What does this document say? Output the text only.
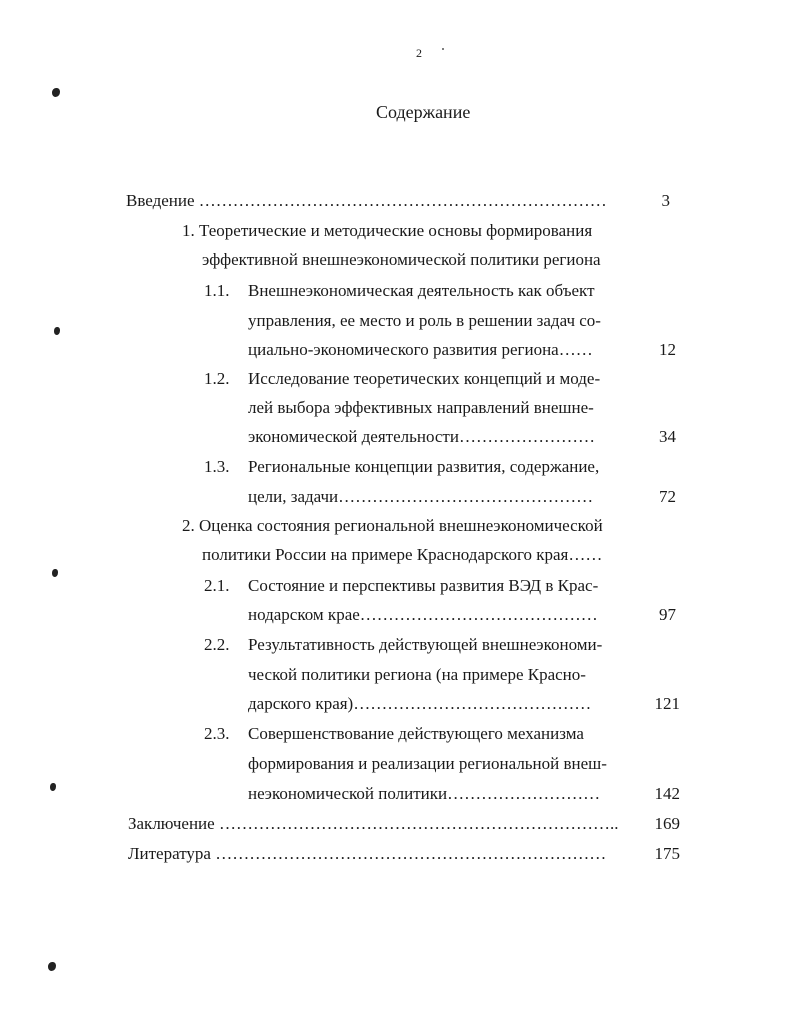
2
Содержание
Введение ………………………………………………………………	3
1. Теоретические и методические основы формирования
эффективной внешнеэкономической политики региона
1.1. Внешнеэкономическая деятельность как объект
управления, ее место и роль в решении задач со-
циально-экономического развития региона……	12
1.2. Исследование теоретических концепций и моде-
лей выбора эффективных направлений внешне-
экономической деятельности……………………	34
1.3. Региональные концепции развития, содержание,
цели, задачи………………………………………	72
2. Оценка состояния региональной внешнеэкономической
политики России на примере Краснодарского края……
2.1. Состояние и перспективы развития ВЭД в Крас-
нодарском крае……………………………………	97
2.2. Результативность действующей внешнеэкономи-
ческой политики региона (на примере Красно-
дарского края)……………………………………	121
2.3. Совершенствование действующего механизма
формирования и реализации региональной внеш-
неэкономической политики………………………	142
Заключение ……………………………………………………………..	169
Литература ……………………………………………………………	175
